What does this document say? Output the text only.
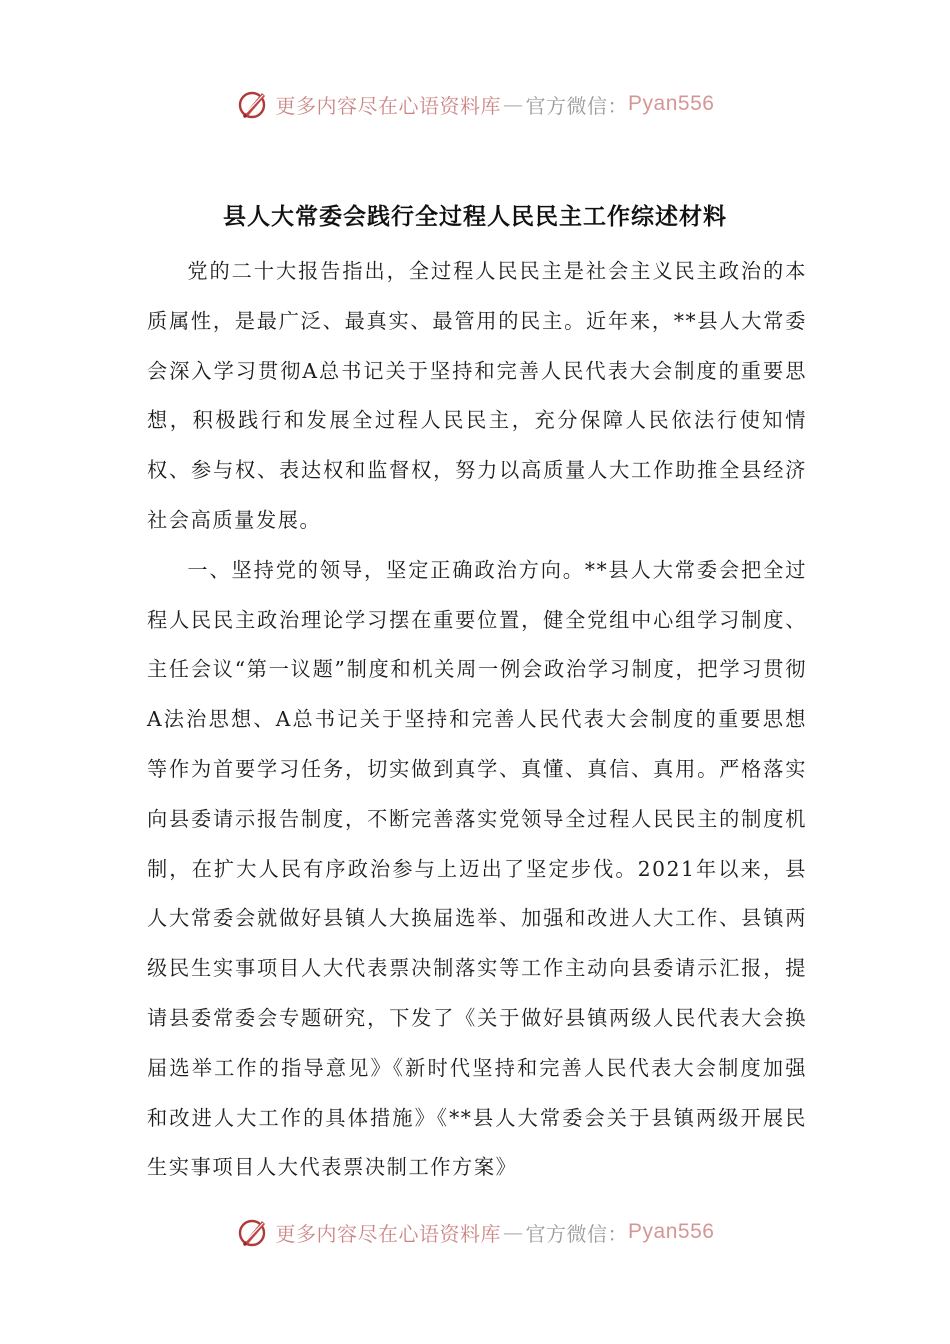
更多内容尽在心语资料库 — 官方微信： Pyan556
县人大常委会践行全过程人民民主工作综述材料

党的二十大报告指出，全过程人民民主是社会主义民主政治的本质属性，是最广泛、最真实、最管用的民主。近年来，**县人大常委会深入学习贯彻A总书记关于坚持和完善人民代表大会制度的重要思想，积极践行和发展全过程人民民主，充分保障人民依法行使知情权、参与权、表达权和监督权，努力以高质量人大工作助推全县经济社会高质量发展。

一、坚持党的领导，坚定正确政治方向。**县人大常委会把全过程人民民主政治理论学习摆在重要位置，健全党组中心组学习制度、主任会议“第一议题”制度和机关周一例会政治学习制度，把学习贯彻A法治思想、A总书记关于坚持和完善人民代表大会制度的重要思想等作为首要学习任务，切实做到真学、真懂、真信、真用。严格落实向县委请示报告制度，不断完善落实党领导全过程人民民主的制度机制，在扩大人民有序政治参与上迈出了坚定步伐。2021年以来，县人大常委会就做好县镇人大换届选举、加强和改进人大工作、县镇两级民生实事项目人大代表票决制落实等工作主动向县委请示汇报，提请县委常委会专题研究，下发了《关于做好县镇两级人民代表大会换届选举工作的指导意见》《新时代坚持和完善人民代表大会制度加强和改进人大工作的具体措施》《**县人大常委会关于县镇两级开展民生实事项目人大代表票决制工作方案》

更多内容尽在心语资料库 — 官方微信： Pyan556
